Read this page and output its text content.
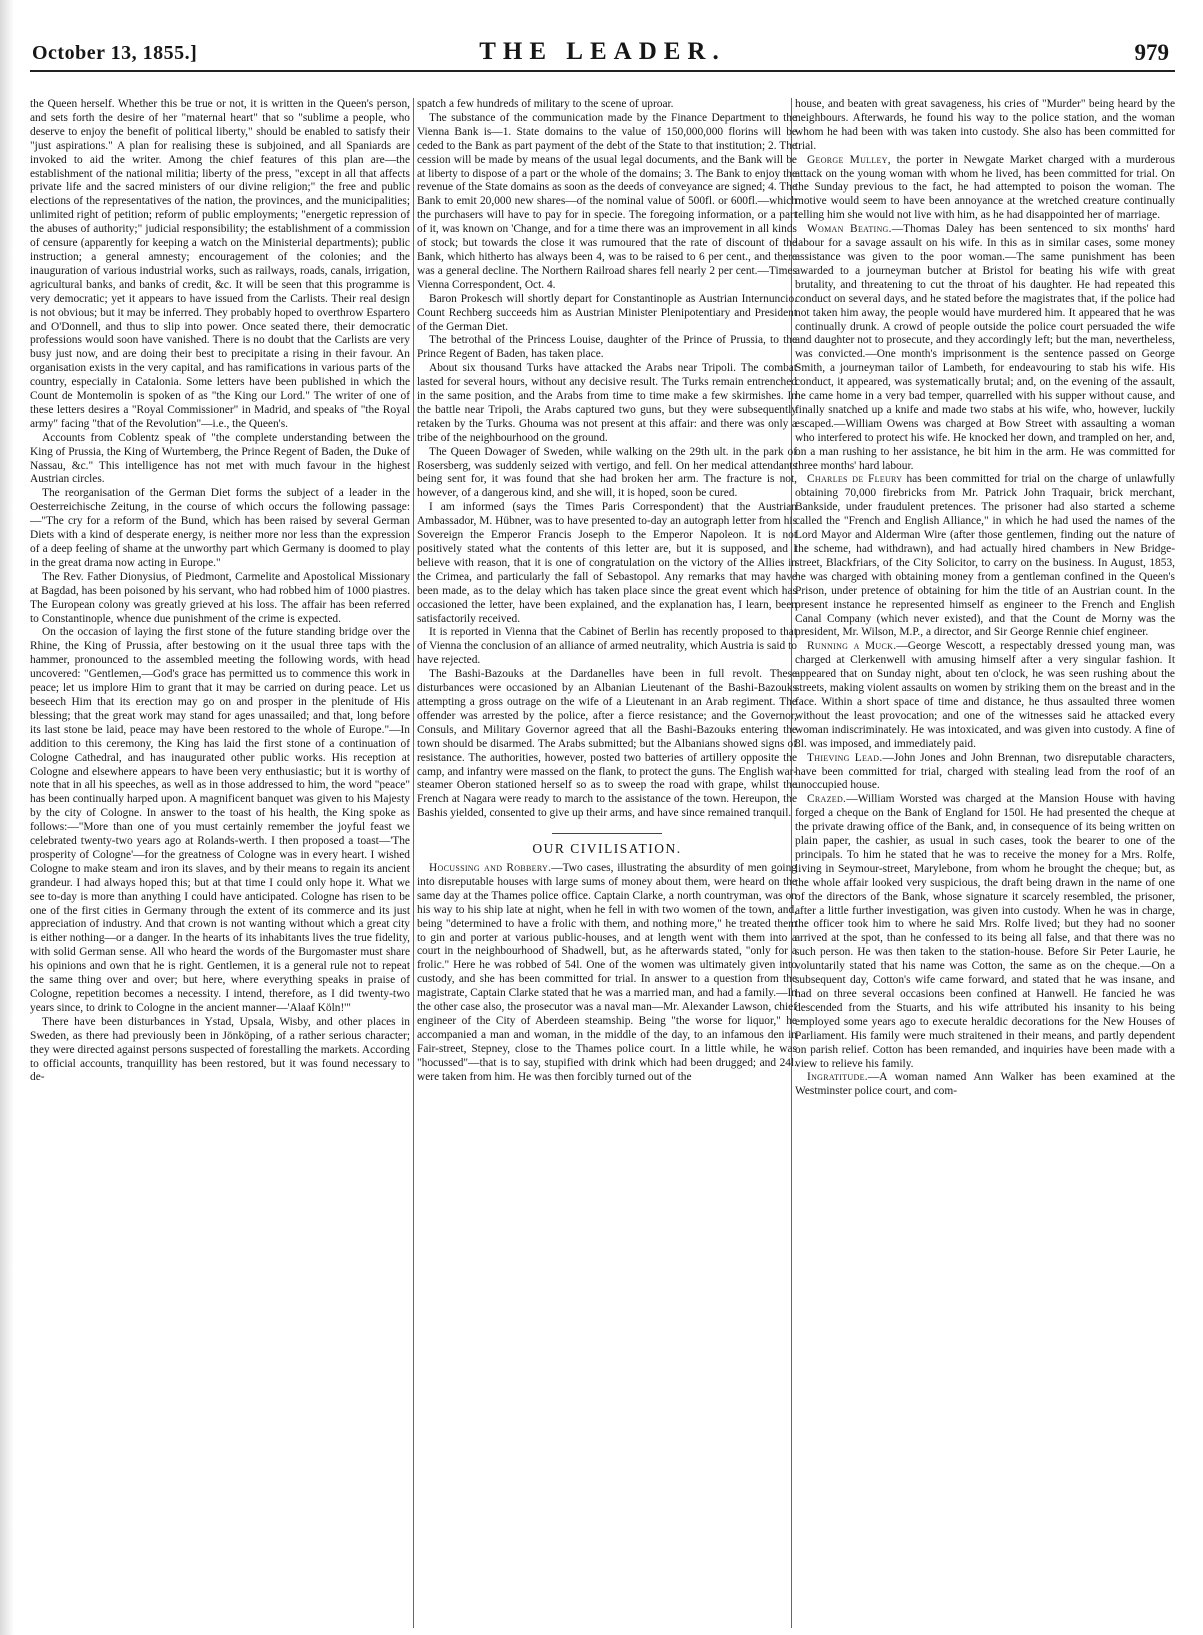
October 13, 1855.]	THE LEADER.	979

the Queen herself. Whether this be true or not, it is written in the Queen's person, and sets forth the desire of her "maternal heart" that so "sublime a people, who deserve to enjoy the benefit of political liberty," should be enabled to satisfy their "just aspirations." A plan for realising these is subjoined, and all Spaniards are invoked to aid the writer. Among the chief features of this plan are—the establishment of the national militia; liberty of the press, "except in all that affects private life and the sacred ministers of our divine religion;" the free and public elections of the representatives of the nation, the provinces, and the municipalities; unlimited right of petition; reform of public employments; "energetic repression of the abuses of authority;" judicial responsibility; the establishment of a commission of censure (apparently for keeping a watch on the Ministerial departments); public instruction; a general amnesty; encouragement of the colonies; and the inauguration of various industrial works, such as railways, roads, canals, irrigation, agricultural banks, and banks of credit, &c. It will be seen that this programme is very democratic; yet it appears to have issued from the Carlists. Their real design is not obvious; but it may be inferred. They probably hoped to overthrow Espartero and O'Donnell, and thus to slip into power. Once seated there, their democratic professions would soon have vanished. There is no doubt that the Carlists are very busy just now, and are doing their best to precipitate a rising in their favour. An organisation exists in the very capital, and has ramifications in various parts of the country, especially in Catalonia. Some letters have been published in which the Count de Montemolin is spoken of as "the King our Lord." The writer of one of these letters desires a "Royal Commissioner" in Madrid, and speaks of "the Royal army" facing "that of the Revolution"—i.e., the Queen's.

Accounts from Coblentz speak of "the complete understanding between the King of Prussia, the King of Wurtemberg, the Prince Regent of Baden, the Duke of Nassau, &c." This intelligence has not met with much favour in the highest Austrian circles.

The reorganisation of the German Diet forms the subject of a leader in the Oesterreichische Zeitung, in the course of which occurs the following passage:—"The cry for a reform of the Bund, which has been raised by several German Diets with a kind of desperate energy, is neither more nor less than the expression of a deep feeling of shame at the unworthy part which Germany is doomed to play in the great drama now acting in Europe."

The Rev. Father Dionysius, of Piedmont, Carmelite and Apostolical Missionary at Bagdad, has been poisoned by his servant, who had robbed him of 1000 piastres. The European colony was greatly grieved at his loss. The affair has been referred to Constantinople, whence due punishment of the crime is expected.

On the occasion of laying the first stone of the future standing bridge over the Rhine, the King of Prussia, after bestowing on it the usual three taps with the hammer, pronounced to the assembled meeting the following words, with head uncovered: "Gentlemen,—God's grace has permitted us to commence this work in peace; let us implore Him to grant that it may be carried on during peace. Let us beseech Him that its erection may go on and prosper in the plenitude of His blessing; that the great work may stand for ages unassailed; and that, long before its last stone be laid, peace may have been restored to the whole of Europe."—In addition to this ceremony, the King has laid the first stone of a continuation of Cologne Cathedral, and has inaugurated other public works. His reception at Cologne and elsewhere appears to have been very enthusiastic; but it is worthy of note that in all his speeches, as well as in those addressed to him, the word "peace" has been continually harped upon. A magnificent banquet was given to his Majesty by the city of Cologne. In answer to the toast of his health, the King spoke as follows:—"More than one of you must certainly remember the joyful feast we celebrated twenty-two years ago at Rolands-werth. I then proposed a toast—'The prosperity of Cologne'—for the greatness of Cologne was in every heart. I wished Cologne to make steam and iron its slaves, and by their means to regain its ancient grandeur. I had always hoped this; but at that time I could only hope it. What we see to-day is more than anything I could have anticipated. Cologne has risen to be one of the first cities in Germany through the extent of its commerce and its just appreciation of industry. And that crown is not wanting without which a great city is either nothing—or a danger. In the hearts of its inhabitants lives the true fidelity, with solid German sense. All who heard the words of the Burgomaster must share his opinions and own that he is right. Gentlemen, it is a general rule not to repeat the same thing over and over; but here, where everything speaks in praise of Cologne, repetition becomes a necessity. I intend, therefore, as I did twenty-two years since, to drink to Cologne in the ancient manner—'Alaaf Köln!'"

There have been disturbances in Ystad, Upsala, Wisby, and other places in Sweden, as there had previously been in Jönköping, of a rather serious character; they were directed against persons suspected of forestalling the markets. According to official accounts, tranquillity has been restored, but it was found necessary to de-

spatch a few hundreds of military to the scene of uproar.

The substance of the communication made by the Finance Department to the Vienna Bank is—1. State domains to the value of 150,000,000 florins will be ceded to the Bank as part payment of the debt of the State to that institution; 2. The cession will be made by means of the usual legal documents, and the Bank will be at liberty to dispose of a part or the whole of the domains; 3. The Bank to enjoy the revenue of the State domains as soon as the deeds of conveyance are signed; 4. The Bank to emit 20,000 new shares—of the nominal value of 500fl. or 600fl.—which the purchasers will have to pay for in specie. The foregoing information, or a part of it, was known on 'Change, and for a time there was an improvement in all kinds of stock; but towards the close it was rumoured that the rate of discount of the Bank, which hitherto has always been 4, was to be raised to 6 per cent., and there was a general decline. The Northern Railroad shares fell nearly 2 per cent.—Times Vienna Correspondent, Oct. 4.

Baron Prokesch will shortly depart for Constantinople as Austrian Internuncio. Count Rechberg succeeds him as Austrian Minister Plenipotentiary and President of the German Diet.

The betrothal of the Princess Louise, daughter of the Prince of Prussia, to the Prince Regent of Baden, has taken place.

About six thousand Turks have attacked the Arabs near Tripoli. The combat lasted for several hours, without any decisive result. The Turks remain entrenched in the same position, and the Arabs from time to time make a few skirmishes. In the battle near Tripoli, the Arabs captured two guns, but they were subsequently retaken by the Turks. Ghouma was not present at this affair: and there was only a tribe of the neighbourhood on the ground.

The Queen Dowager of Sweden, while walking on the 29th ult. in the park of Rosersberg, was suddenly seized with vertigo, and fell. On her medical attendants being sent for, it was found that she had broken her arm. The fracture is not, however, of a dangerous kind, and she will, it is hoped, soon be cured.

I am informed (says the Times Paris Correspondent) that the Austrian Ambassador, M. Hübner, was to have presented to-day an autograph letter from his Sovereign the Emperor Francis Joseph to the Emperor Napoleon. It is not positively stated what the contents of this letter are, but it is supposed, and I believe with reason, that it is one of congratulation on the victory of the Allies in the Crimea, and particularly the fall of Sebastopol. Any remarks that may have been made, as to the delay which has taken place since the great event which has occasioned the letter, have been explained, and the explanation has, I learn, been satisfactorily received.

It is reported in Vienna that the Cabinet of Berlin has recently proposed to that of Vienna the conclusion of an alliance of armed neutrality, which Austria is said to have rejected.

The Bashi-Bazouks at the Dardanelles have been in full revolt. These disturbances were occasioned by an Albanian Lieutenant of the Bashi-Bazouks attempting a gross outrage on the wife of a Lieutenant in an Arab regiment. The offender was arrested by the police, after a fierce resistance; and the Governor, Consuls, and Military Governor agreed that all the Bashi-Bazouks entering the town should be disarmed. The Arabs submitted; but the Albanians showed signs of resistance. The authorities, however, posted two batteries of artillery opposite the camp, and infantry were massed on the flank, to protect the guns. The English war-steamer Oberon stationed herself so as to sweep the road with grape, whilst the French at Nagara were ready to march to the assistance of the town. Hereupon, the Bashis yielded, consented to give up their arms, and have since remained tranquil.

OUR CIVILISATION.

Hocussing and Robbery.—Two cases, illustrating the absurdity of men going into disreputable houses with large sums of money about them, were heard on the same day at the Thames police office. Captain Clarke, a north countryman, was on his way to his ship late at night, when he fell in with two women of the town, and, being "determined to have a frolic with them, and nothing more," he treated them to gin and porter at various public-houses, and at length went with them into a court in the neighbourhood of Shadwell, but, as he afterwards stated, "only for a frolic." Here he was robbed of 54l. One of the women was ultimately given into custody, and she has been committed for trial. In answer to a question from the magistrate, Captain Clarke stated that he was a married man, and had a family.—In the other case also, the prosecutor was a naval man—Mr. Alexander Lawson, chief engineer of the City of Aberdeen steamship. Being "the worse for liquor," he accompanied a man and woman, in the middle of the day, to an infamous den in Fair-street, Stepney, close to the Thames police court. In a little while, he was "hocussed"—that is to say, stupified with drink which had been drugged; and 24l. were taken from him. He was then forcibly turned out of the

house, and beaten with great savageness, his cries of "Murder" being heard by the neighbours. Afterwards, he found his way to the police station, and the woman whom he had been with was taken into custody. She also has been committed for trial.

George Mulley, the porter in Newgate Market charged with a murderous attack on the young woman with whom he lived, has been committed for trial. On the Sunday previous to the fact, he had attempted to poison the woman. The motive would seem to have been annoyance at the wretched creature continually telling him she would not live with him, as he had disappointed her of marriage.

Woman Beating.—Thomas Daley has been sentenced to six months' hard labour for a savage assault on his wife. In this as in similar cases, some money assistance was given to the poor woman.—The same punishment has been awarded to a journeyman butcher at Bristol for beating his wife with great brutality, and threatening to cut the throat of his daughter. He had repeated this conduct on several days, and he stated before the magistrates that, if the police had not taken him away, the people would have murdered him. It appeared that he was continually drunk. A crowd of people outside the police court persuaded the wife and daughter not to prosecute, and they accordingly left; but the man, nevertheless, was convicted.—One month's imprisonment is the sentence passed on George Smith, a journeyman tailor of Lambeth, for endeavouring to stab his wife. His conduct, it appeared, was systematically brutal; and, on the evening of the assault, he came home in a very bad temper, quarrelled with his supper without cause, and finally snatched up a knife and made two stabs at his wife, who, however, luckily escaped.—William Owens was charged at Bow Street with assaulting a woman who interfered to protect his wife. He knocked her down, and trampled on her, and, on a man rushing to her assistance, he bit him in the arm. He was committed for three months' hard labour.

Charles de Fleury has been committed for trial on the charge of unlawfully obtaining 70,000 firebricks from Mr. Patrick John Traquair, brick merchant, Bankside, under fraudulent pretences. The prisoner had also started a scheme called the "French and English Alliance," in which he had used the names of the Lord Mayor and Alderman Wire (after those gentlemen, finding out the nature of the scheme, had withdrawn), and had actually hired chambers in New Bridge-street, Blackfriars, of the City Solicitor, to carry on the business. In August, 1853, he was charged with obtaining money from a gentleman confined in the Queen's Prison, under pretence of obtaining for him the title of an Austrian count. In the present instance he represented himself as engineer to the French and English Canal Company (which never existed), and that the Count de Morny was the president, Mr. Wilson, M.P., a director, and Sir George Rennie chief engineer.

Running a Muck.—George Wescott, a respectably dressed young man, was charged at Clerkenwell with amusing himself after a very singular fashion. It appeared that on Sunday night, about ten o'clock, he was seen rushing about the streets, making violent assaults on women by striking them on the breast and in the face. Within a short space of time and distance, he thus assaulted three women without the least provocation; and one of the witnesses said he attacked every woman indiscriminately. He was intoxicated, and was given into custody. A fine of 8l. was imposed, and immediately paid.

Thieving Lead.—John Jones and John Brennan, two disreputable characters, have been committed for trial, charged with stealing lead from the roof of an unoccupied house.

Crazed.—William Worsted was charged at the Mansion House with having forged a cheque on the Bank of England for 150l. He had presented the cheque at the private drawing office of the Bank, and, in consequence of its being written on plain paper, the cashier, as usual in such cases, took the bearer to one of the principals. To him he stated that he was to receive the money for a Mrs. Rolfe, living in Seymour-street, Marylebone, from whom he brought the cheque; but, as the whole affair looked very suspicious, the draft being drawn in the name of one of the directors of the Bank, whose signature it scarcely resembled, the prisoner, after a little further investigation, was given into custody. When he was in charge, the officer took him to where he said Mrs. Rolfe lived; but they had no sooner arrived at the spot, than he confessed to its being all false, and that there was no such person. He was then taken to the station-house. Before Sir Peter Laurie, he voluntarily stated that his name was Cotton, the same as on the cheque.—On a subsequent day, Cotton's wife came forward, and stated that he was insane, and had on three several occasions been confined at Hanwell. He fancied he was descended from the Stuarts, and his wife attributed his insanity to his being employed some years ago to execute heraldic decorations for the New Houses of Parliament. His family were much straitened in their means, and partly dependent on parish relief. Cotton has been remanded, and inquiries have been made with a view to relieve his family.

Ingratitude.—A woman named Ann Walker has been examined at the Westminster police court, and com-
